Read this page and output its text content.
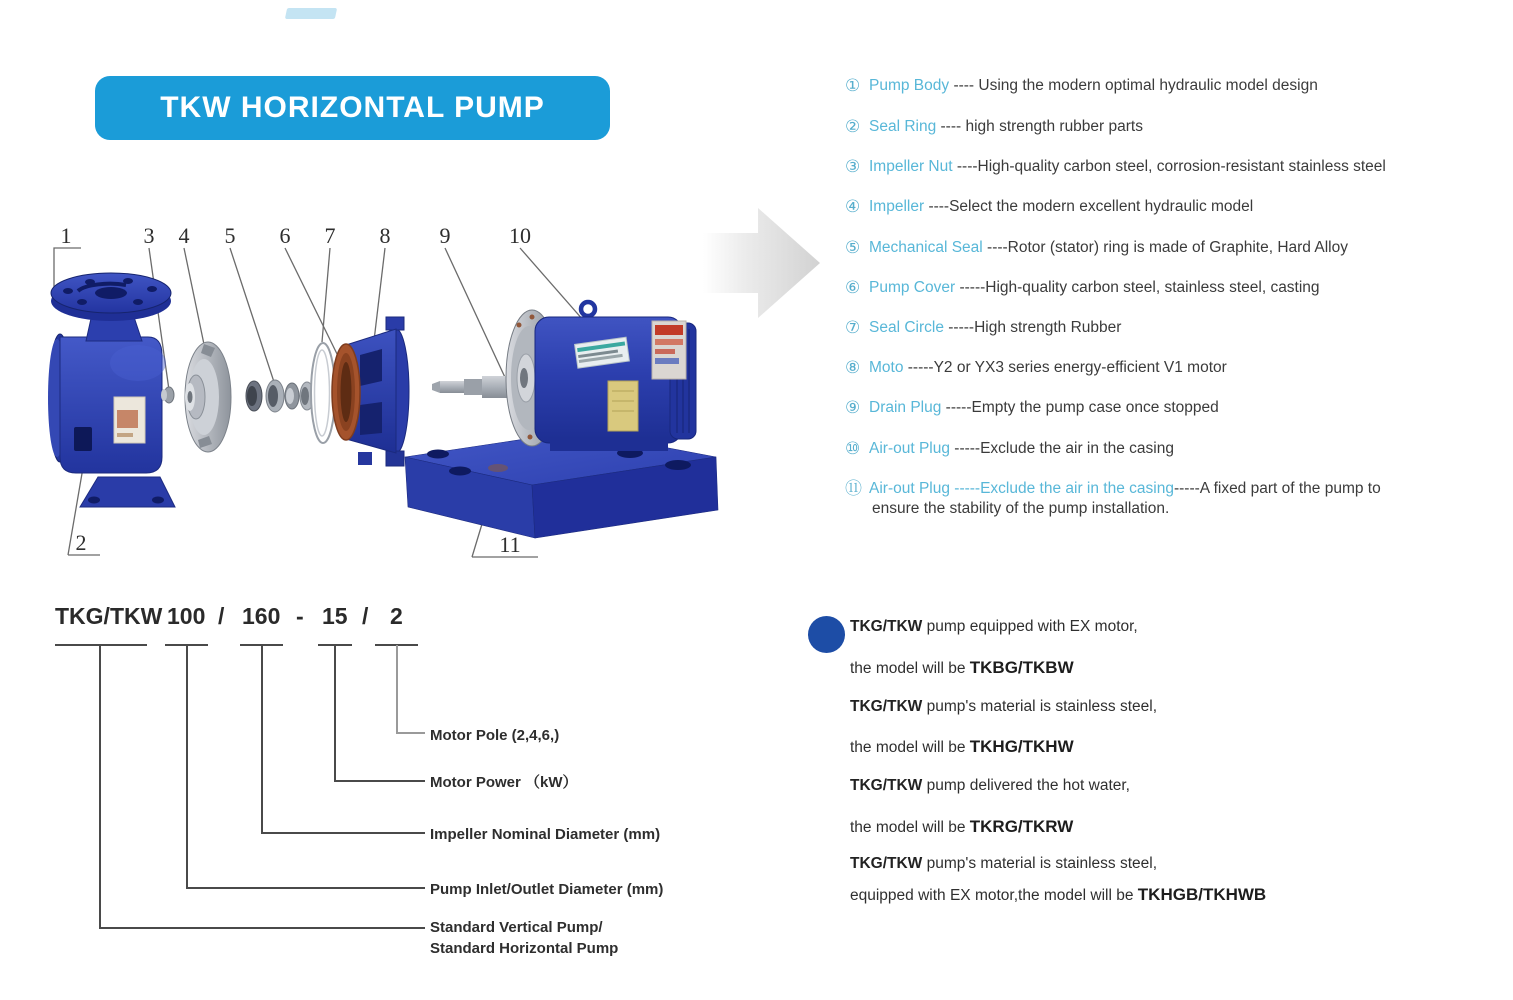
TKW HORIZONTAL PUMP
1	3 4 5 6 7 8 9	10
2	11
① Pump Body ---- Using the modern optimal hydraulic model design
② Seal Ring ---- high strength rubber parts
③ Impeller Nut ----High-quality carbon steel, corrosion-resistant stainless steel
④ Impeller ----Select the modern excellent hydraulic model
⑤ Mechanical Seal ----Rotor (stator) ring is made of Graphite, Hard Alloy
⑥ Pump Cover -----High-quality carbon steel, stainless steel, casting
⑦ Seal Circle -----High strength Rubber
⑧ Moto -----Y2 or YX3 series energy-efficient V1 motor
⑨ Drain Plug -----Empty the pump case once stopped
⑩ Air-out Plug -----Exclude the air in the casing
⑪ Air-out Plug -----Exclude the air in the casing-----A fixed part of the pump to
ensure the stability of the pump installation.
TKG/TKW 100 / 160 - 15 / 2
Motor Pole (2,4,6,)
Motor Power （kW）
Impeller Nominal Diameter (mm)
Pump Inlet/Outlet Diameter (mm)
Standard Vertical Pump/
Standard Horizontal Pump
TKG/TKW pump equipped with EX motor,
the model will be TKBG/TKBW
TKG/TKW pump's material is stainless steel,
the model will be TKHG/TKHW
TKG/TKW pump delivered the hot water,
the model will be TKRG/TKRW
TKG/TKW pump's material is stainless steel,
equipped with EX motor,the model will be TKHGB/TKHWB
